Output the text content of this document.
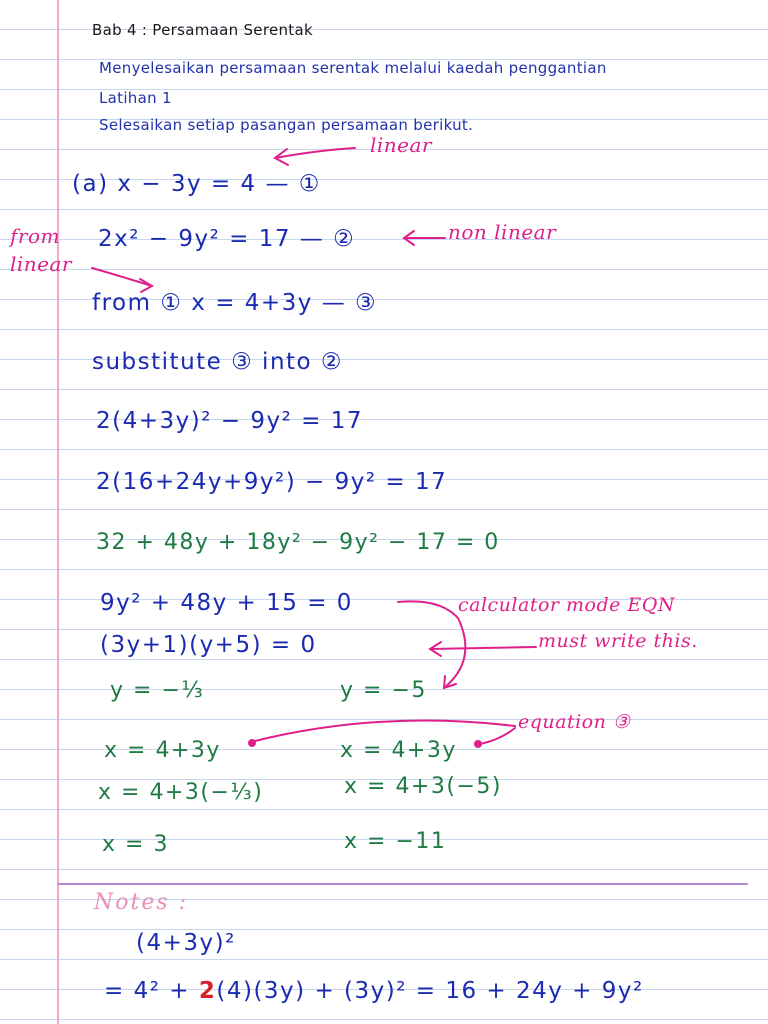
Bab 4 : Persamaan Serentak
Menyelesaikan persamaan serentak melalui kaedah penggantian
Latihan 1
Selesaikan setiap pasangan persamaan berikut.
linear
from linear
non linear
calculator mode EQN
must write this.
equation ③
(a) x − 3y = 4 — ①
2x² − 9y² = 17 — ②
from ① x = 4+3y — ③
substitute ③ into ②
2(4+3y)² − 9y² = 17
2(16+24y+9y²) − 9y² = 17
32 + 48y + 18y² − 9y² − 17 = 0
9y² + 48y + 15 = 0
(3y+1)(y+5) = 0
y = −⅓	y = −5
x = 4+3y	x = 4+3y
x = 4+3(−⅓)	x = 4+3(−5)
x = 3	x = −11
Notes :
(4+3y)²
= 4² + 2(4)(3y) + (3y)² = 16 + 24y + 9y²
